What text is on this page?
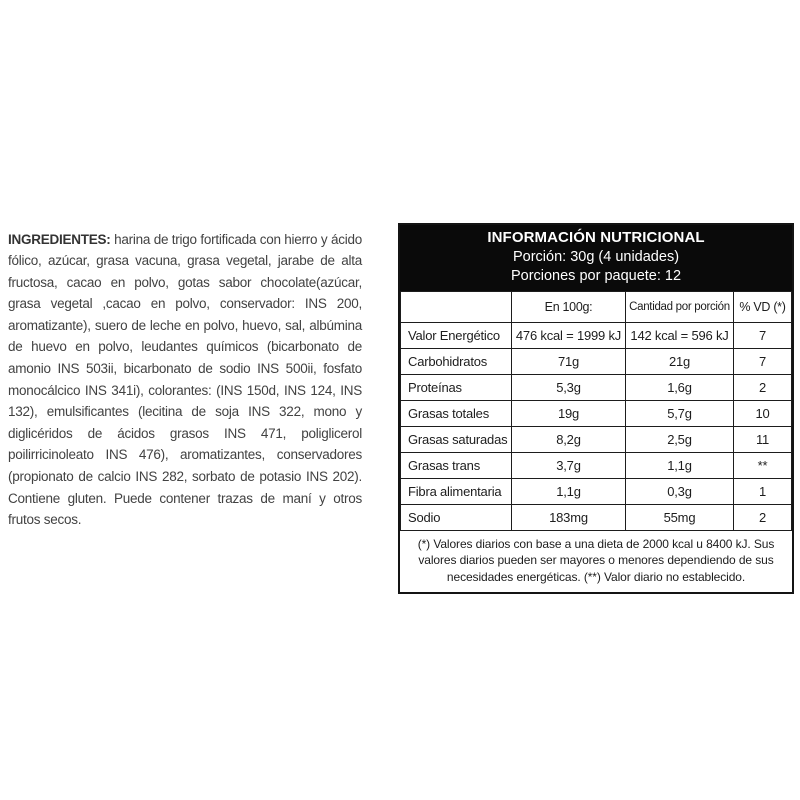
INGREDIENTES: harina de trigo fortificada con hierro y ácido fólico, azúcar, grasa vacuna, grasa vegetal, jarabe de alta fructosa, cacao en polvo, gotas sabor chocolate(azúcar, grasa vegetal ,cacao en polvo, conservador: INS 200, aromatizante), suero de leche en polvo, huevo, sal, albúmina de huevo en polvo, leudantes químicos (bicarbonato de amonio INS 503ii, bicarbonato de sodio INS 500ii, fosfato monocálcico INS 341i), colorantes: (INS 150d, INS 124, INS 132), emulsificantes (lecitina de soja INS 322, mono y diglicéridos de ácidos grasos INS 471, poliglicerol poilirricinoleato INS 476), aromatizantes, conservadores (propionato de calcio INS 282, sorbato de potasio INS 202). Contiene gluten. Puede contener trazas de maní y otros frutos secos.

INFORMACIÓN NUTRICIONAL
Porción: 30g (4 unidades)
Porciones por paquete: 12
	En 100g:	Cantidad por porción	% VD (*)
Valor Energético	476 kcal = 1999 kJ	142 kcal = 596 kJ	7
Carbohidratos	71g	21g	7
Proteínas	5,3g	1,6g	2
Grasas totales	19g	5,7g	10
Grasas saturadas	8,2g	2,5g	11
Grasas trans	3,7g	1,1g	**
Fibra alimentaria	1,1g	0,3g	1
Sodio	183mg	55mg	2
(*) Valores diarios con base a una dieta de 2000 kcal u 8400 kJ. Sus valores diarios pueden ser mayores o menores dependiendo de sus necesidades energéticas. (**) Valor diario no establecido.
